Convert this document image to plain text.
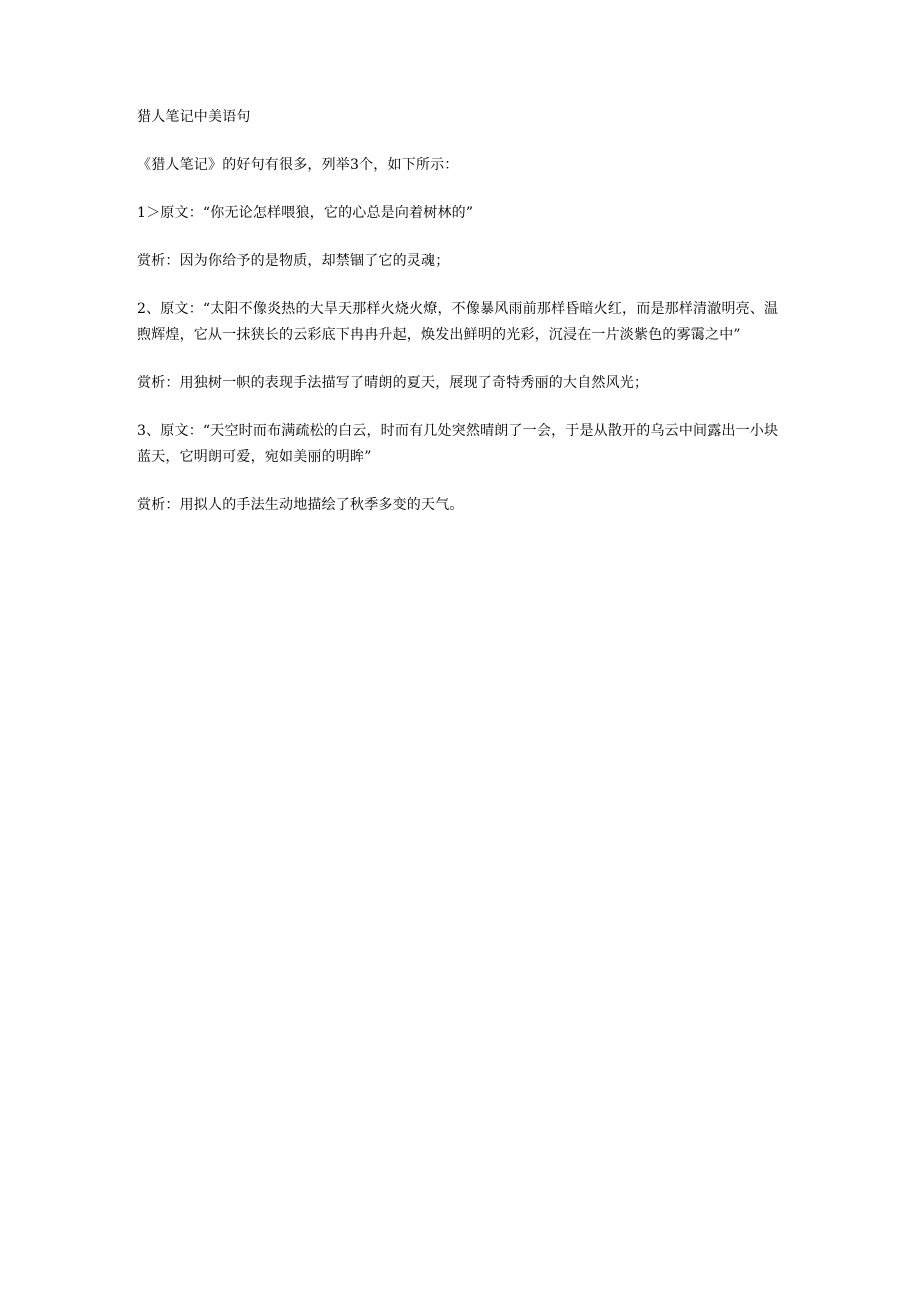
猎人笔记中美语句

《猎人笔记》的好句有很多，列举3个，如下所示：

1＞原文：“你无论怎样喂狼，它的心总是向着树林的”

赏析：因为你给予的是物质，却禁锢了它的灵魂；

2、原文：“太阳不像炎热的大旱天那样火烧火燎，不像暴风雨前那样昏暗火红，而是那样清澈明亮、温煦辉煌，它从一抹狭长的云彩底下冉冉升起，焕发出鲜明的光彩，沉浸在一片淡紫色的雾霭之中”

赏析：用独树一帜的表现手法描写了晴朗的夏天，展现了奇特秀丽的大自然风光；

3、原文：“天空时而布满疏松的白云，时而有几处突然晴朗了一会，于是从散开的乌云中间露出一小块蓝天，它明朗可爱，宛如美丽的明眸”

赏析：用拟人的手法生动地描绘了秋季多变的天气。
